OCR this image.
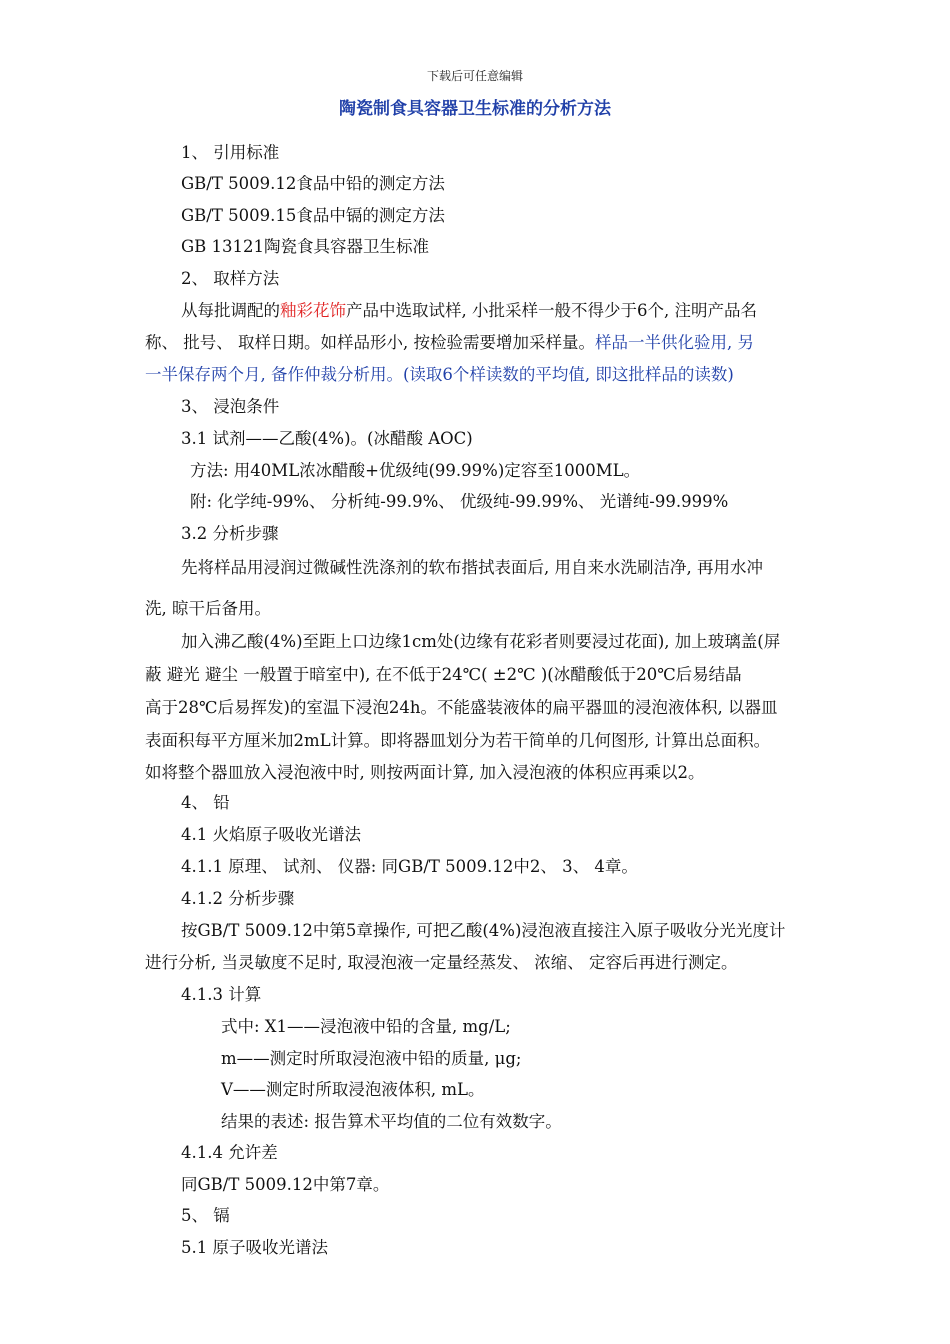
下载后可任意编辑
陶瓷制食具容器卫生标准的分析方法
1、 引用标准
GB/T 5009.12食品中铅的测定方法
GB/T 5009.15食品中镉的测定方法
GB 13121陶瓷食具容器卫生标准
2、 取样方法
从每批调配的釉彩花饰产品中选取试样, 小批采样一般不得少于6个, 注明产品名
称、 批号、 取样日期。如样品形小, 按检验需要增加采样量。样品一半供化验用, 另
一半保存两个月, 备作仲裁分析用。(读取6个样读数的平均值, 即这批样品的读数)
3、 浸泡条件
3.1 试剂——乙酸(4%)。(冰醋酸 AOC)
方法: 用40ML浓冰醋酸+优级纯(99.99%)定容至1000ML。
附: 化学纯-99%、 分析纯-99.9%、 优级纯-99.99%、 光谱纯-99.999%
3.2 分析步骤
先将样品用浸润过微碱性洗涤剂的软布揩拭表面后, 用自来水洗刷洁净, 再用水冲
洗, 晾干后备用。
加入沸乙酸(4%)至距上口边缘1cm处(边缘有花彩者则要浸过花面), 加上玻璃盖(屏
蔽 避光 避尘 一般置于暗室中), 在不低于24℃( ±2℃ )(冰醋酸低于20℃后易结晶
高于28℃后易挥发)的室温下浸泡24h。不能盛装液体的扁平器皿的浸泡液体积, 以器皿
表面积每平方厘米加2mL计算。即将器皿划分为若干简单的几何图形, 计算出总面积。
如将整个器皿放入浸泡液中时, 则按两面计算, 加入浸泡液的体积应再乘以2。
4、 铅
4.1 火焰原子吸收光谱法
4.1.1 原理、 试剂、 仪器: 同GB/T 5009.12中2、 3、 4章。
4.1.2 分析步骤
按GB/T 5009.12中第5章操作, 可把乙酸(4%)浸泡液直接注入原子吸收分光光度计
进行分析, 当灵敏度不足时, 取浸泡液一定量经蒸发、 浓缩、 定容后再进行测定。
4.1.3 计算
式中: X1——浸泡液中铅的含量, mg/L;
m——测定时所取浸泡液中铅的质量, μg;
V——测定时所取浸泡液体积, mL。
结果的表述: 报告算术平均值的二位有效数字。
4.1.4 允许差
同GB/T 5009.12中第7章。
5、 镉
5.1 原子吸收光谱法
